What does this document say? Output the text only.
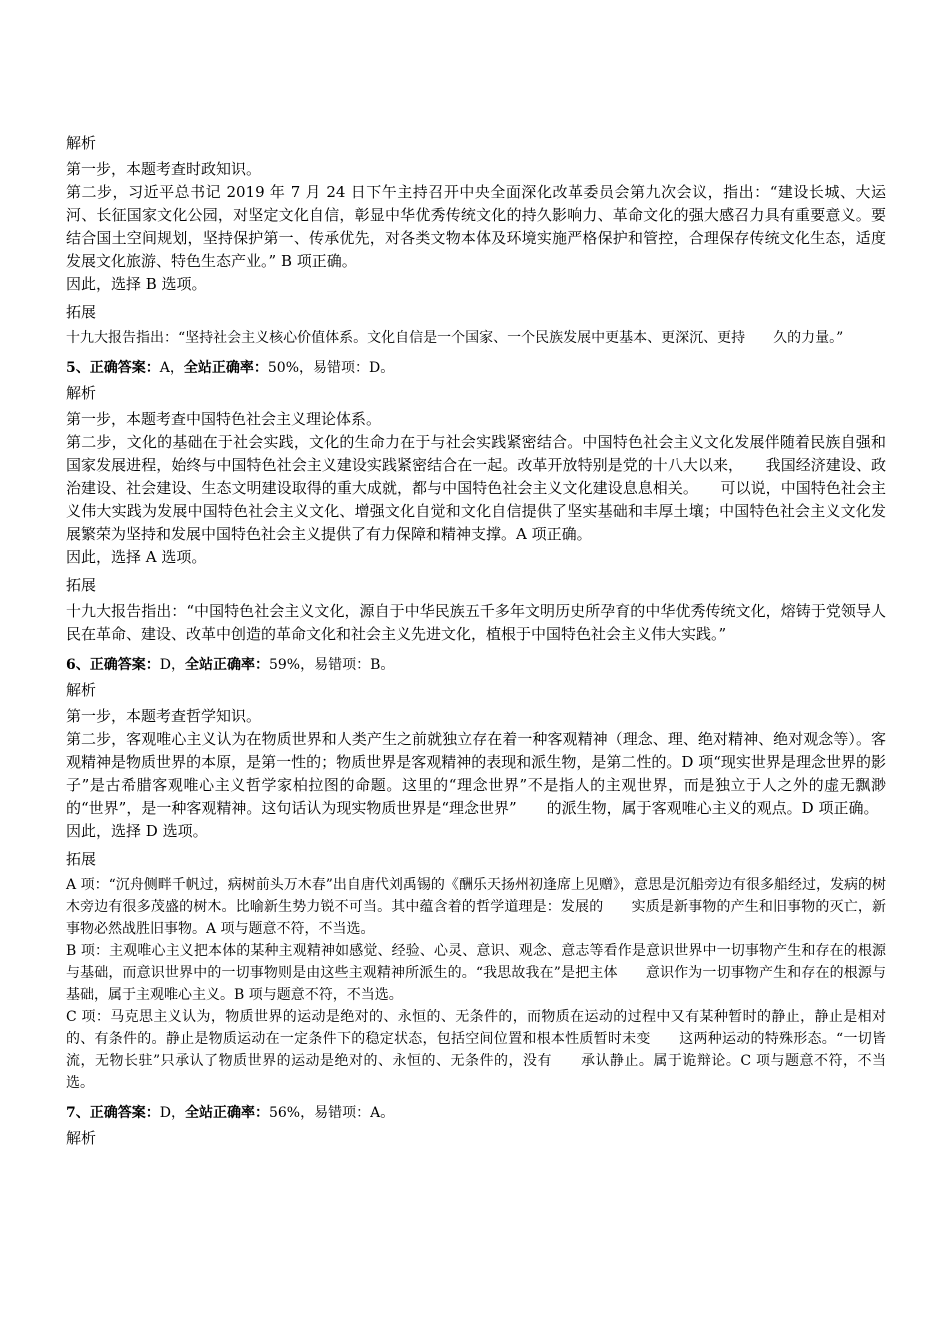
解析
第一步，本题考查时政知识。
第二步，习近平总书记 2019 年 7 月 24 日下午主持召开中央全面深化改革委员会第九次会议，指出：“建设长城、大运河、长征国家文化公园，对坚定文化自信，彰显中华优秀传统文化的持久影响力、革命文化的强大感召力具有重要意义。要结合国土空间规划，坚持保护第一、传承优先，对各类文物本体及环境实施严格保护和管控，合理保存传统文化生态，适度发展文化旅游、特色生态产业。” B 项正确。
因此，选择 B 选项。
拓展
十九大报告指出：“坚持社会主义核心价值体系。文化自信是一个国家、一个民族发展中更基本、更深沉、更持　　久的力量。”
5、正确答案：A，全站正确率：50%，易错项：D。
解析
第一步，本题考查中国特色社会主义理论体系。
第二步，文化的基础在于社会实践，文化的生命力在于与社会实践紧密结合。中国特色社会主义文化发展伴随着民族自强和国家发展进程，始终与中国特色社会主义建设实践紧密结合在一起。改革开放特别是党的十八大以来，　　我国经济建设、政治建设、社会建设、生态文明建设取得的重大成就，都与中国特色社会主义文化建设息息相关。　　可以说，中国特色社会主义伟大实践为发展中国特色社会主义文化、增强文化自觉和文化自信提供了坚实基础和丰厚土壤；中国特色社会主义文化发展繁荣为坚持和发展中国特色社会主义提供了有力保障和精神支撑。A 项正确。
因此，选择 A 选项。
拓展
十九大报告指出：“中国特色社会主义文化，源自于中华民族五千多年文明历史所孕育的中华优秀传统文化，熔铸于党领导人民在革命、建设、改革中创造的革命文化和社会主义先进文化，植根于中国特色社会主义伟大实践。”
6、正确答案：D，全站正确率：59%，易错项：B。
解析
第一步，本题考查哲学知识。
第二步，客观唯心主义认为在物质世界和人类产生之前就独立存在着一种客观精神（理念、理、绝对精神、绝对观念等）。客观精神是物质世界的本原，是第一性的；物质世界是客观精神的表现和派生物，是第二性的。D 项“现实世界是理念世界的影子”是古希腊客观唯心主义哲学家柏拉图的命题。这里的“理念世界”不是指人的主观世界，而是独立于人之外的虚无飘渺的“世界”，是一种客观精神。这句话认为现实物质世界是“理念世界”　　的派生物，属于客观唯心主义的观点。D 项正确。
因此，选择 D 选项。
拓展
A 项：“沉舟侧畔千帆过，病树前头万木春”出自唐代刘禹锡的《酬乐天扬州初逢席上见赠》，意思是沉船旁边有很多船经过，发病的树木旁边有很多茂盛的树木。比喻新生势力锐不可当。其中蕴含着的哲学道理是：发展的　　实质是新事物的产生和旧事物的灭亡，新事物必然战胜旧事物。A 项与题意不符，不当选。
B 项：主观唯心主义把本体的某种主观精神如感觉、经验、心灵、意识、观念、意志等看作是意识世界中一切事物产生和存在的根源与基础，而意识世界中的一切事物则是由这些主观精神所派生的。“我思故我在”是把主体　　意识作为一切事物产生和存在的根源与基础，属于主观唯心主义。B 项与题意不符，不当选。
C 项：马克思主义认为，物质世界的运动是绝对的、永恒的、无条件的，而物质在运动的过程中又有某种暂时的静止，静止是相对的、有条件的。静止是物质运动在一定条件下的稳定状态，包括空间位置和根本性质暂时未变　　这两种运动的特殊形态。“一切皆流，无物长驻”只承认了物质世界的运动是绝对的、永恒的、无条件的，没有　　承认静止。属于诡辩论。C 项与题意不符，不当选。
7、正确答案：D，全站正确率：56%，易错项：A。
解析
